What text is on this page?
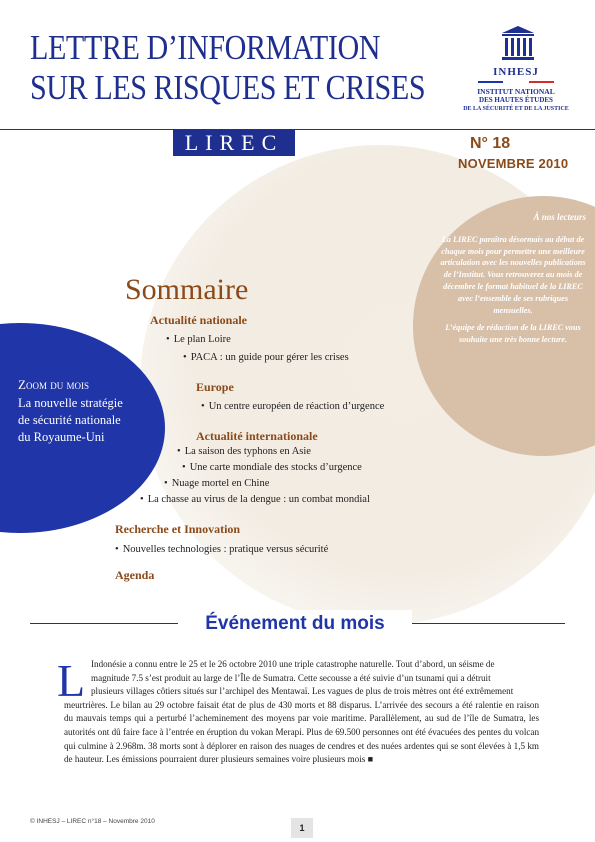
LETTRE D’INFORMATION
SUR LES RISQUES ET CRISES
LIREC
INHESJ
INSTITUT NATIONAL
DES HAUTES ÉTUDES
DE LA SÉCURITÉ ET DE LA JUSTICE
N° 18
NOVEMBRE 2010
À nos lecteurs

La LIREC paraîtra désormais au début de chaque mois pour permettre une meilleure articulation avec les nouvelles publications de l’Institut. Vous retrouverez au mois de décembre le format habituel de la LIREC avec l’ensemble de ses rubriques mensuelles.

L’équipe de rédaction de la LIREC vous souhaite une très bonne lecture.

Zoom du mois
La nouvelle stratégie
de sécurité nationale
du Royaume-Uni
Sommaire
Actualité nationale
• Le plan Loire
• PACA : un guide pour gérer les crises
Europe
• Un centre européen de réaction d’urgence
Actualité internationale
• La saison des typhons en Asie
• Une carte mondiale des stocks d’urgence
• Nuage mortel en Chine
• La chasse au virus de la dengue : un combat mondial
Recherche et Innovation
• Nouvelles technologies : pratique versus sécurité
Agenda
Événement du mois
L Indonésie a connu entre le 25 et le 26 octobre 2010 une triple catastrophe naturelle. Tout d’abord, un séisme de
magnitude 7.5 s’est produit au large de l’Île de Sumatra. Cette secousse a été suivie d’un tsunami qui a détruit
plusieurs villages côtiers situés sur l’archipel des Mentawaï. Les vagues de plus de trois mètres ont été extrêmement
meurtrières. Le bilan au 29 octobre faisait état de plus de 430 morts et 88 disparus. L’arrivée des secours a été ralentie en raison du mauvais temps qui a perturbé l’acheminement des moyens par voie maritime. Parallèlement, au sud de l’île de Sumatra, les autorités ont dû faire face à l’entrée en éruption du vokan Merapi. Plus de 69.500 personnes ont été évacuées des pentes du volcan qui culmine à 2.968m. 38 morts sont à déplorer en raison des nuages de cendres et des nuées ardentes qui se sont élevées à 1,5 km de hauteur. Les émissions pourraient durer plusieurs semaines voire plusieurs mois ■
© INHESJ – LIREC n°18 – Novembre 2010
1
